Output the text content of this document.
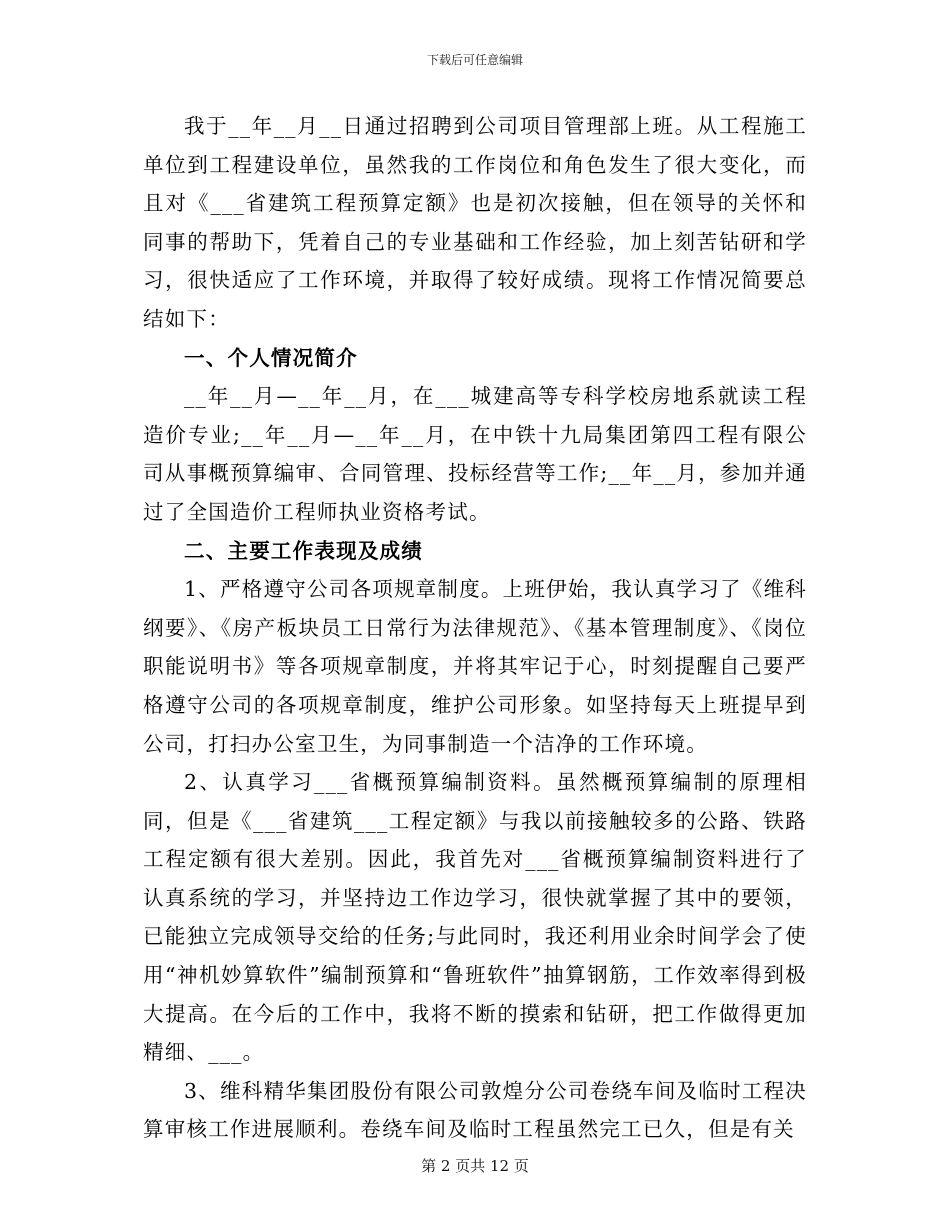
下载后可任意编辑

我于__年__月__日通过招聘到公司项目管理部上班。从工程施工单位到工程建设单位，虽然我的工作岗位和角色发生了很大变化，而且对《___省建筑工程预算定额》也是初次接触，但在领导的关怀和同事的帮助下，凭着自己的专业基础和工作经验，加上刻苦钻研和学习，很快适应了工作环境，并取得了较好成绩。现将工作情况简要总结如下：

一、个人情况简介

__年__月—__年__月，在___城建高等专科学校房地系就读工程造价专业;__年__月—__年__月，在中铁十九局集团第四工程有限公司从事概预算编审、合同管理、投标经营等工作;__年__月，参加并通过了全国造价工程师执业资格考试。

二、主要工作表现及成绩

1、严格遵守公司各项规章制度。上班伊始，我认真学习了《维科纲要》、《房产板块员工日常行为法律规范》、《基本管理制度》、《岗位职能说明书》等各项规章制度，并将其牢记于心，时刻提醒自己要严格遵守公司的各项规章制度，维护公司形象。如坚持每天上班提早到公司，打扫办公室卫生，为同事制造一个洁净的工作环境。

2、认真学习___省概预算编制资料。虽然概预算编制的原理相同，但是《___省建筑___工程定额》与我以前接触较多的公路、铁路工程定额有很大差别。因此，我首先对___省概预算编制资料进行了认真系统的学习，并坚持边工作边学习，很快就掌握了其中的要领，已能独立完成领导交给的任务;与此同时，我还利用业余时间学会了使用“神机妙算软件”编制预算和“鲁班软件”抽算钢筋，工作效率得到极大提高。在今后的工作中，我将不断的摸索和钻研，把工作做得更加精细、___。

3、维科精华集团股份有限公司敦煌分公司卷绕车间及临时工程决算审核工作进展顺利。卷绕车间及临时工程虽然完工已久，但是有关

第 2 页共 12 页
